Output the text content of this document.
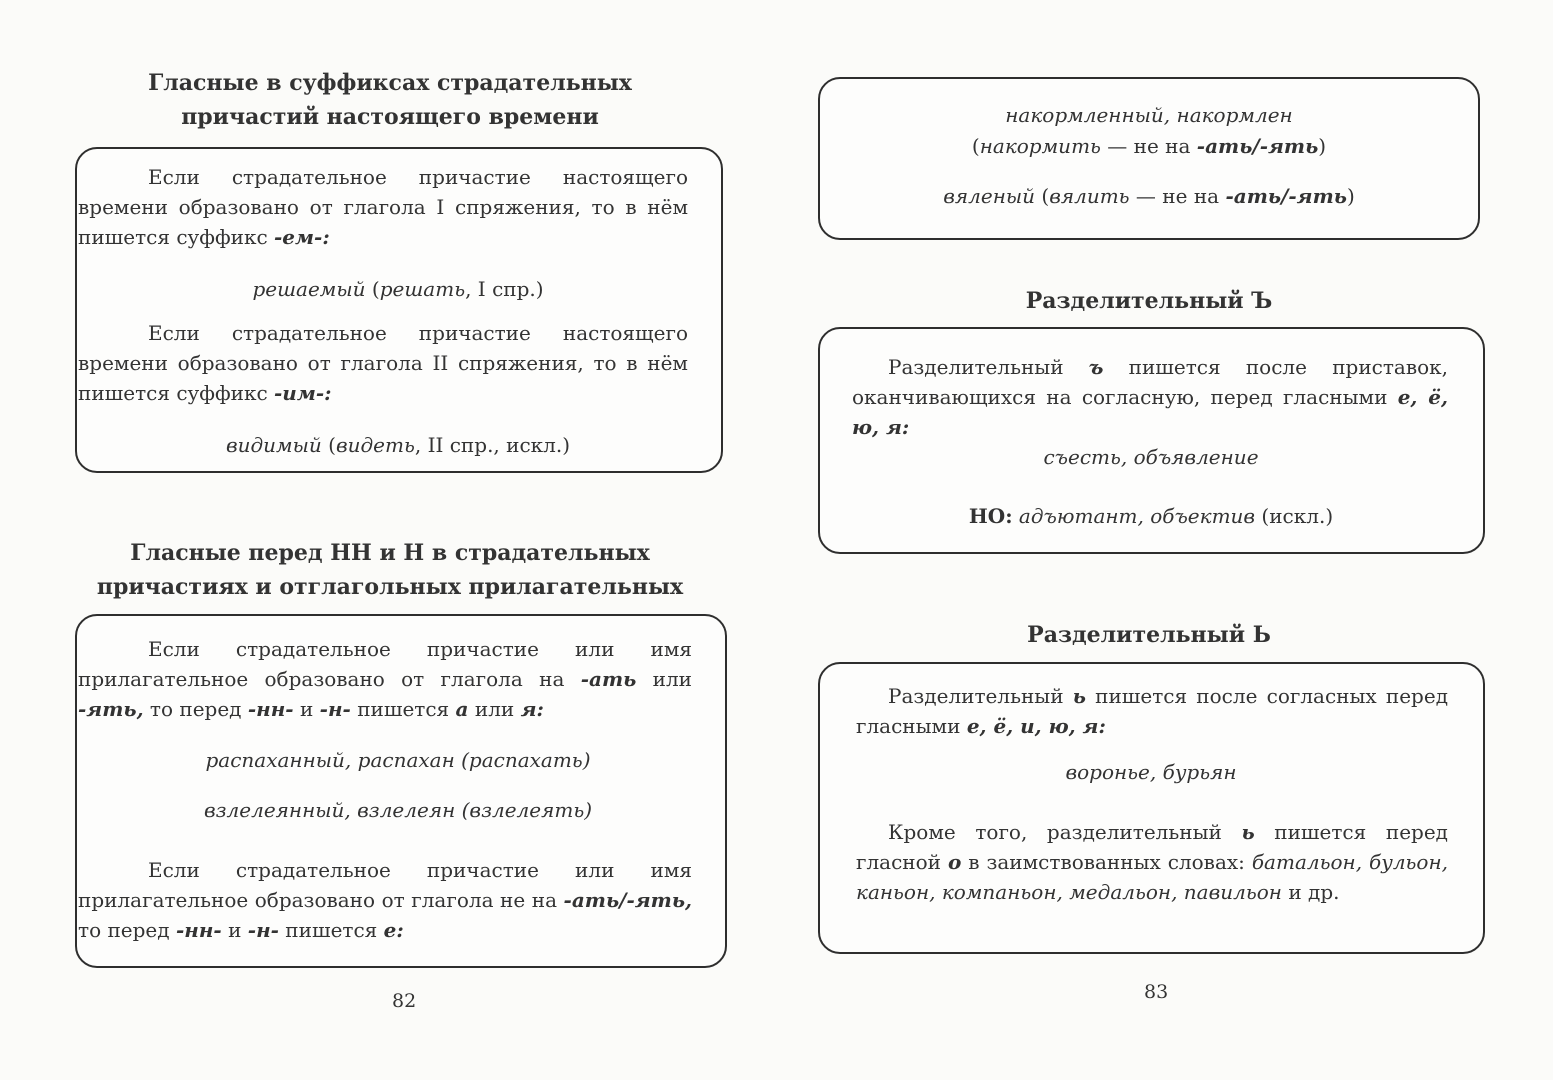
Гласные в суффиксах страдательных
причастий настоящего времени
Если страдательное причастие настоящего времени образовано от глагола I спряжения, то в нём пишется суффикс -ем-:
решаемый (решать, I спр.)
Если страдательное причастие настоящего времени образовано от глагола II спряжения, то в нём пишется суффикс -им-:
видимый (видеть, II спр., искл.)
Гласные перед НН и Н в страдательных
причастиях и отглагольных прилагательных
Если страдательное причастие или имя прилагательное образовано от глагола на -ать или -ять, то перед -нн- и -н- пишется а или я:
распаханный, распахан (распахать)
взлелеянный, взлелеян (взлелеять)
Если страдательное причастие или имя прилагательное образовано от глагола не на -ать/-ять, то перед -нн- и -н- пишется е:
82
накормленный, накормлен
(накормить — не на -ать/-ять)
вяленый (вялить — не на -ать/-ять)
Разделительный Ъ
Разделительный ъ пишется после приставок, оканчивающихся на согласную, перед гласными е, ё, ю, я:
съесть, объявление
НО: адъютант, объектив (искл.)
Разделительный Ь
Разделительный ь пишется после согласных перед гласными е, ё, и, ю, я:
воронье, бурьян
Кроме того, разделительный ь пишется перед гласной о в заимствованных словах: батальон, бульон, каньон, компаньон, медальон, павильон и др.
83
